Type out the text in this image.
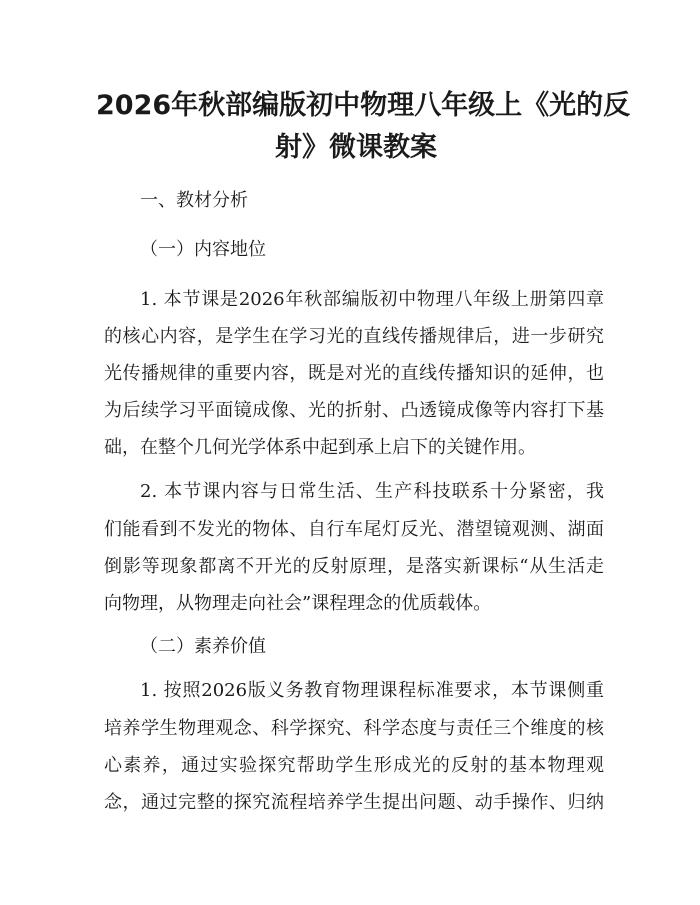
2026年秋部编版初中物理八年级上《光的反
射》微课教案

一、教材分析

（一）内容地位

1. 本节课是2026年秋部编版初中物理八年级上册第四章

的核心内容，是学生在学习光的直线传播规律后，进一步研究

光传播规律的重要内容，既是对光的直线传播知识的延伸，也

为后续学习平面镜成像、光的折射、凸透镜成像等内容打下基

础，在整个几何光学体系中起到承上启下的关键作用。

2. 本节课内容与日常生活、生产科技联系十分紧密，我

们能看到不发光的物体、自行车尾灯反光、潜望镜观测、湖面

倒影等现象都离不开光的反射原理，是落实新课标“从生活走

向物理，从物理走向社会”课程理念的优质载体。

（二）素养价值

1. 按照2026版义务教育物理课程标准要求，本节课侧重

培养学生物理观念、科学探究、科学态度与责任三个维度的核

心素养，通过实验探究帮助学生形成光的反射的基本物理观

念，通过完整的探究流程培养学生提出问题、动手操作、归纳
